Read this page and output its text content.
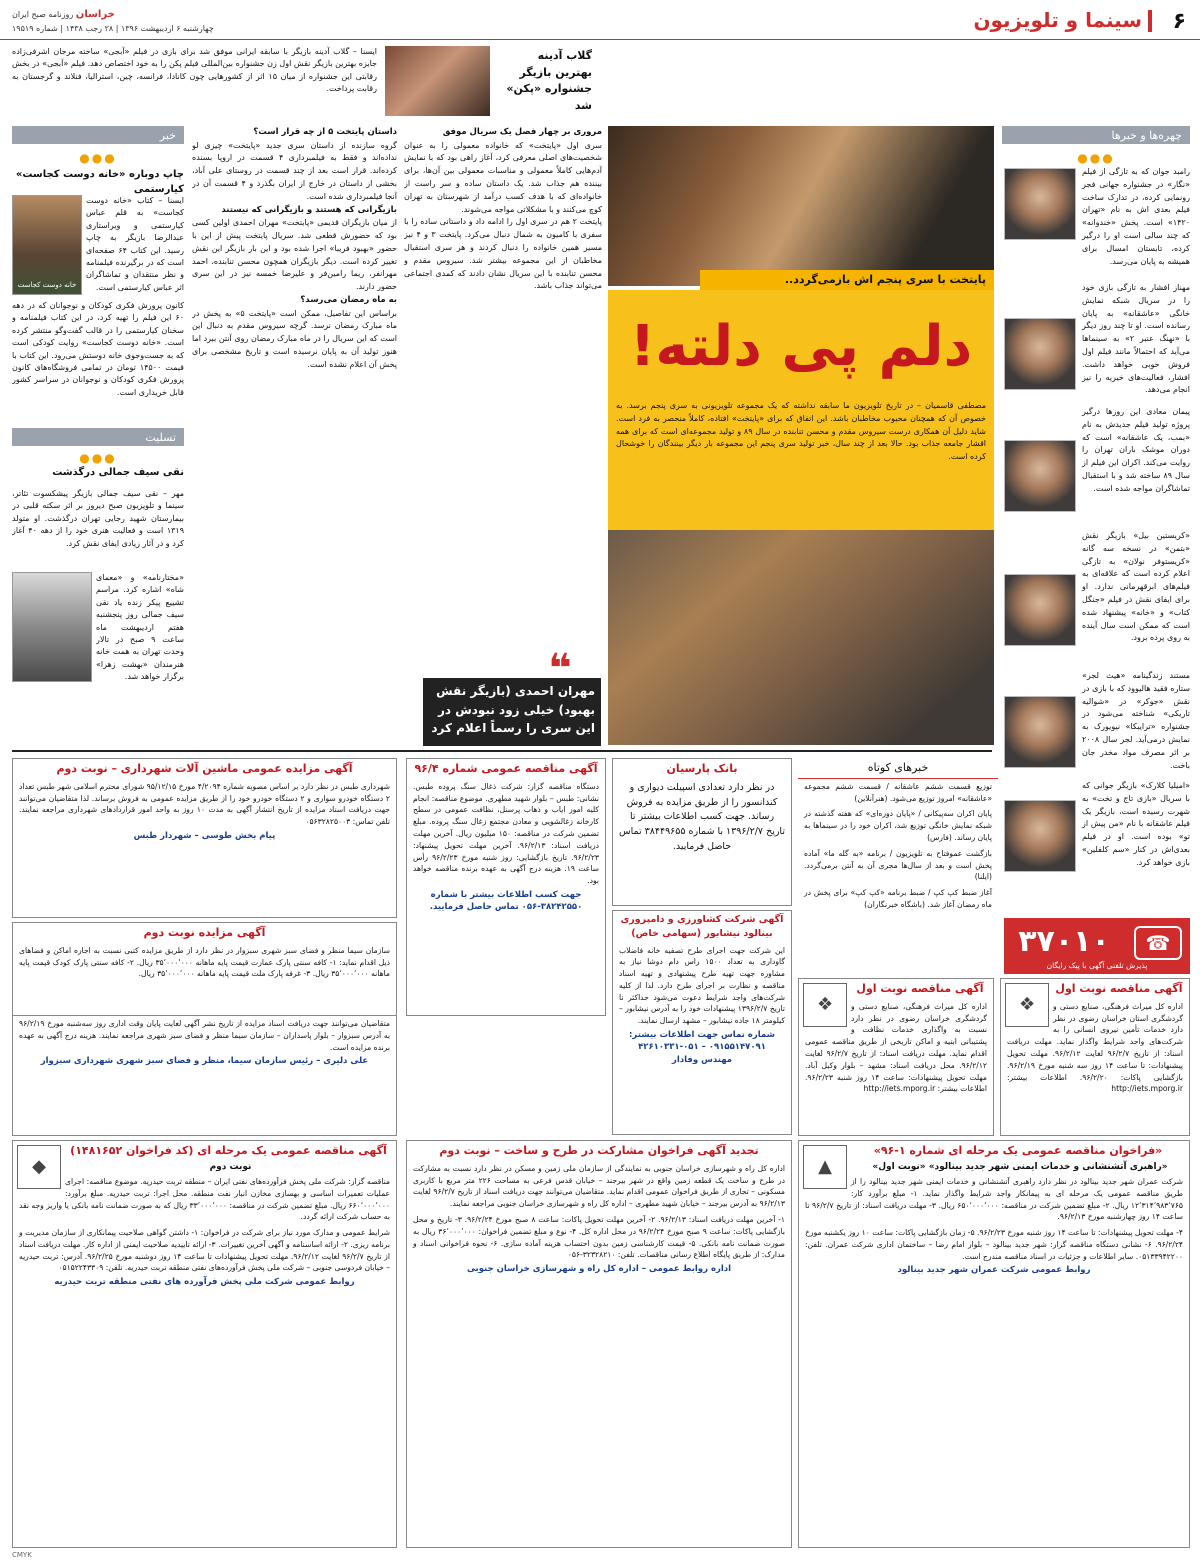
۶
سینما و تلویزیون
خراسان روزنامه صبح ایران
چهارشنبه ۶ اردیبهشت ۱۳۹۶ | ۲۸ رجب ۱۴۳۸ | شماره ۱۹۵۱۹
گلاب آدینه بهترین بازیگر
جشنواره «پکن» شد
ایسنا – گلاب آدینه بازیگر با سابقه ایرانی موفق شد برای بازی در فیلم «آبجی» ساخته مرجان اشرفی‌زاده جایزه بهترین بازیگر نقش اول زن جشنواره بین‌المللی فیلم پکن را به خود اختصاص دهد. فیلم «آبجی» در بخش رقابتی این جشنواره از میان ۱۵ اثر از کشورهایی چون کانادا، فرانسه، چین، استرالیا، فنلاند و گرجستان به رقابت پرداخت.
خبر
●●●
چاپ دوباره «خانه دوست کجاست» کیارستمی
خانه دوست کجاست
ایسنا – کتاب «خانه دوست کجاست» به قلم عباس کیارستمی و ویراستاری عبدالرضا بازیگر به چاپ رسید. این کتاب ۶۴ صفحه‌ای است که در برگیرنده فیلمنامه و نظر منتقدان و تماشاگران اثر عباس کیارستمی است.
کانون پرورش فکری کودکان و نوجوانان که در دهه ۶۰ این فیلم را تهیه کرد، در این کتاب فیلمنامه و سخنان کیارستمی را در قالب گفت‌وگو منتشر کرده است. «خانه دوست کجاست» روایت کودکی است که به جست‌وجوی خانه دوستش می‌رود. این کتاب با قیمت ۱۴۵۰۰ تومان در تمامی فروشگاه‌های کانون پرورش فکری کودکان و نوجوانان در سراسر کشور قابل خریداری است.
تسلیت
●●●
نقی سیف جمالی درگذشت
مهر – نقی سیف جمالی بازیگر پیشکسوت تئاتر، سینما و تلویزیون صبح دیروز بر اثر سکته قلبی در بیمارستان شهید رجایی تهران درگذشت. او متولد ۱۳۱۹ است و فعالیت هنری خود را از دهه ۴۰ آغاز کرد و در آثار زیادی ایفای نقش کرد.
«مختارنامه» و «معمای شاه» اشاره کرد. مراسم تشییع پیکر زنده یاد نقی سیف جمالی روز پنجشنبه هفتم اردیبهشت ماه ساعت ۹ صبح در تالار وحدت تهران به همت خانه هنرمندان «بهشت زهرا» برگزار خواهد شد.

داستان پایتخت ۵ از چه قرار است؟

گروه سازنده از داستان سری جدید «پایتخت» چیزی لو نداده‌اند و فقط به فیلمبرداری ۴ قسمت در اروپا بسنده کرده‌اند. قرار است بعد از چند قسمت در روستای علی آباد، بخشی از داستان در خارج از ایران بگذرد و ۴ قسمت آن در آنجا فیلمبرداری شده است.

بازیگرانی که هستند و بازیگرانی که نیستند

از میان بازیگران قدیمی «پایتخت» مهران احمدی اولین کسی بود که حضورش قطعی شد. سریال پایتخت پیش از این با حضور «بهبود فریبا» اجرا شده بود و این بار بازیگر این نقش تغییر کرده است. دیگر بازیگران همچون محسن تنابنده، احمد مهرانفر، ریما رامین‌فر و علیرضا خمسه نیز در این سری حضور دارند.

به ماه رمضان می‌رسد؟

براساس این تفاصیل، ممکن است «پایتخت ۵» به پخش در ماه مبارک رمضان نرسد. گرچه سیروس مقدم به دنبال این است که این سریال را در ماه مبارک رمضان روی آنتن ببرد اما هنوز تولید آن به پایان نرسیده است و تاریخ مشخصی برای پخش آن اعلام نشده است.

مروری بر چهار فصل یک سریال موفق

سری اول «پایتخت» که خانواده معمولی را به عنوان شخصیت‌های اصلی معرفی کرد، آغاز راهی بود که با نمایش آدم‌هایی کاملاً معمولی و مناسبات معمولی بین آن‌ها، برای بیننده هم جذاب شد. یک داستان ساده و سر راست از خانواده‌ای که با هدف کسب درآمد از شهرستان به تهران کوچ می‌کنند و با مشکلاتی مواجه می‌شوند.

پایتخت ۲ هم در سری اول را ادامه داد و داستانی ساده را با سفری با کامیون به شمال دنبال می‌کرد. پایتخت ۳ و ۴ نیز مسیر همین خانواده را دنبال کردند و هر سری استقبال مخاطبان از این مجموعه بیشتر شد. سیروس مقدم و محسن تنابنده با این سریال نشان دادند که کمدی اجتماعی می‌تواند جذاب باشد.

❝
مهران احمدی (بازیگر نقش بهبود) خیلی زود نبودش در این سری را رسماً اعلام کرد
پایتخت با سری پنجم اش بازمی‌گردد..
دلم پی دلته!
مصطفی قاسمیان – در تاریخ تلویزیون ما سابقه نداشته که یک مجموعه تلویزیونی به سری پنجم برسد. به خصوص آن که همچنان محبوب مخاطبان باشد. این اتفاق که برای «پایتخت» افتاده، کاملاً منحصر به فرد است. شاید دلیل آن همکاری درست سیروس مقدم و محسن تنابنده در سال ۸۹ و تولید مجموعه‌ای است که برای همه اقشار جامعه جذاب بود. حالا بعد از چند سال، خبر تولید سری پنجم این مجموعه بار دیگر بینندگان را خوشحال کرده است.
چهره‌ها و خبرها
●●●
رامبد جوان که به تازگی از فیلم «نگار» در جشنواره جهانی فجر رونمایی کرده، در تدارک ساخت فیلم بعدی اش به نام «تهران ۱۴۲۰» است. پخش «خندوانه» که چند سالی است او را درگیر کرده، تابستان امسال برای همیشه به پایان می‌رسد.
مهناز افشار به تازگی بازی خود را در سریال شبکه نمایش خانگی «عاشقانه» به پایان رسانده است. او تا چند روز دیگر با «نهنگ عنبر ۲» به سینماها می‌آید که احتمالاً مانند فیلم اول فروش خوبی خواهد داشت. افشار، فعالیت‌های خیریه را نیز انجام می‌دهد.
پیمان معادی این روزها درگیر پروژه تولید فیلم جدیدش به نام «بمب، یک عاشقانه» است که دوران موشک باران تهران را روایت می‌کند. اکران این فیلم از سال ۸۹ ساخته شد و با استقبال تماشاگران مواجه شده است.
«کریستین بیل» بازیگر نقش «بتمن» در نسخه سه گانه «کریستوفر نولان» به تازگی اعلام کرده است که علاقه‌ای به فیلم‌های ابرقهرمانی ندارد. او برای ایفای نقش در فیلم «جنگل کتاب» و «خانه» پیشنهاد شده است که ممکن است سال آینده به روی پرده برود.
مستند زندگینامه «هیث لجر» ستاره فقید هالیوود که با بازی در نقش «جوکر» در «شوالیه تاریکی» شناخته می‌شود در جشنواره «ترایبکا» نیویورک به نمایش درمی‌آید. لجر سال ۲۰۰۸ بر اثر مصرف مواد مخدر جان باخت.
«امیلیا کلارک» بازیگر جوانی که با سریال «بازی تاج و تخت» به شهرت رسیده است، بازیگر یک فیلم عاشقانه با نام «من پیش از تو» بوده است. او در فیلم بعدی‌اش در کنار «سم کلفلین» بازی خواهد کرد.
آگهی مزایده عمومی ماشین آلات شهرداری – نوبت دوم
شهرداری طبس در نظر دارد بر اساس مصوبه شماره ۴/۲۰۹۴ مورخ ۹۵/۱۲/۱۵ شورای محترم اسلامی شهر طبس تعداد ۲ دستگاه خودرو سواری و ۲ دستگاه خودرو خود را از طریق مزایده عمومی به فروش برساند. لذا متقاضیان می‌توانند جهت دریافت اسناد مزایده از تاریخ انتشار آگهی به مدت ۱۰ روز به واحد امور قراردادهای شهرداری مراجعه نمایند. تلفن تماس: ۰۵۶۳۲۸۲۵۰۰۳
پیام بخش طوسی – شهردار طبس
آگهی مزایده نوبت دوم
سازمان سیما منظر و فضای سبز شهری سبزوار در نظر دارد از طریق مزایده کتبی نسبت به اجاره اماکن و فضاهای ذیل اقدام نماید: ۱- کافه سنتی پارک عمارت قیمت پایه ماهانه ۳۵٬۰۰۰٬۰۰۰ ریال. ۲- کافه سنتی پارک کودک قیمت پایه ماهانه ۳۵٬۰۰۰٬۰۰۰ ریال. ۳- غرفه پارک ملت قیمت پایه ماهانه ۳۵٬۰۰۰٬۰۰۰ ریال.
متقاضیان می‌توانند جهت دریافت اسناد مزایده از تاریخ نشر آگهی لغایت پایان وقت اداری روز سه‌شنبه مورخ ۹۶/۲/۱۹ به آدرس سبزوار – بلوار پاسداران – سازمان سیما منظر و فضای سبز شهری مراجعه نمایند. هزینه درج آگهی به عهده برنده مزایده است.
علی دلیری – رئیس سازمان سیما، منظر و فضای سبز شهری شهرداری سبزوار
◆
آگهی مناقصه عمومی یک مرحله ای (کد فراخوان ۱۴۸۱۶۵۲)
نوبت دوم
مناقصه گزار: شرکت ملی پخش فرآورده‌های نفتی ایران – منطقه تربت حیدریه. موضوع مناقصه: اجرای عملیات تعمیرات اساسی و بهسازی مخازن انبار نفت منطقه. محل اجرا: تربت حیدریه. مبلغ برآورد: ۶۶۰٬۰۰۰٬۰۰۰ ریال. مبلغ تضمین شرکت در مناقصه: ۳۳٬۰۰۰٬۰۰۰ ریال که به صورت ضمانت نامه بانکی یا واریز وجه نقد به حساب شرکت ارائه گردد.
شرایط عمومی و مدارک مورد نیاز برای شرکت در فراخوان: ۱- داشتن گواهی صلاحیت پیمانکاری از سازمان مدیریت و برنامه ریزی. ۲- ارائه اساسنامه و آگهی آخرین تغییرات. ۳- ارائه تاییدیه صلاحیت ایمنی از اداره کار. مهلت دریافت اسناد از تاریخ ۹۶/۲/۷ لغایت ۹۶/۲/۱۲. مهلت تحویل پیشنهادات تا ساعت ۱۴ روز دوشنبه مورخ ۹۶/۲/۲۵. آدرس: تربت حیدریه – خیابان فردوسی جنوبی – شرکت ملی پخش فرآورده‌های نفتی منطقه تربت حیدریه. تلفن: ۰۵۱۵۲۲۴۳۳۰۹
روابط عمومی شرکت ملی پخش فرآورده های نفتی منطقه تربت حیدریه
آگهی مناقصه عمومی شماره ۹۶/۴
دستگاه مناقصه گزار: شرکت ذغال سنگ پروده طبس. نشانی: طبس – بلوار شهید مطهری. موضوع مناقصه: انجام کلیه امور ایاب و ذهاب پرسنل، نظافت عمومی در سطح کارخانه زغالشویی و معادن مجتمع زغال سنگ پروده. مبلغ تضمین شرکت در مناقصه: ۱۵۰ میلیون ریال. آخرین مهلت دریافت اسناد: ۹۶/۲/۱۳. آخرین مهلت تحویل پیشنهاد: ۹۶/۲/۲۳. تاریخ بازگشایی: روز شنبه مورخ ۹۶/۲/۲۳ رأس ساعت ۱۹. هزینه درج آگهی به عهده برنده مناقصه خواهد بود.
جهت کسب اطلاعات بیشتر با شماره ۳۸۲۴۲۵۵۰-۰۵۶ تماس حاصل فرمایید.
بانک پارسیان
در نظر دارد تعدادی اسپیلت دیواری و کندانسور را از طریق مزایده به فروش رساند. جهت کسب اطلاعات بیشتر تا تاریخ ۱۳۹۶/۲/۷ با شماره ۳۸۴۴۹۶۵۵ تماس حاصل فرمایید.
آگهی شرکت کشاورزی و دامپروری بینالود نیشابور (سهامی خاص)
این شرکت جهت اجرای طرح تصفیه خانه فاضلاب گاوداری به تعداد ۱۵۰۰ راس دام دوشا نیاز به مشاوره جهت تهیه طرح پیشنهادی و تهیه اسناد مناقصه و نظارت بر اجرای طرح دارد. لذا از کلیه شرکت‌های واجد شرایط دعوت می‌شود حداکثر تا تاریخ ۱۳۹۶/۲/۷ پیشنهادات خود را به آدرس نیشابور – کیلومتر ۱۸ جاده نیشابور – مشهد ارسال نمایند.
شماره تماس جهت اطلاعات بیشتر: ۰۹۱۵۵۱۴۷۰۹۱ – ۰۵۱-۴۲۶۱۰۳۳۱
مهندس وفادار
تجدید آگهی فراخوان مشارکت در طرح و ساخت – نوبت دوم
اداره کل راه و شهرسازی خراسان جنوبی به نمایندگی از سازمان ملی زمین و مسکن در نظر دارد نسبت به مشارکت در طرح و ساخت یک قطعه زمین واقع در شهر بیرجند – خیابان قدس فرعی به مساحت ۲۲۶ متر مربع با کاربری مسکونی – تجاری از طریق فراخوان عمومی اقدام نماید. متقاضیان می‌توانند جهت دریافت اسناد از تاریخ ۹۶/۲/۷ لغایت ۹۶/۲/۱۳ به آدرس بیرجند – خیابان شهید مطهری – اداره کل راه و شهرسازی خراسان جنوبی مراجعه نمایند.
۱- آخرین مهلت دریافت اسناد: ۹۶/۲/۱۳. ۲- آخرین مهلت تحویل پاکات: ساعت ۸ صبح مورخ ۹۶/۲/۲۴. ۳- تاریخ و محل بازگشایی پاکات: ساعت ۹ صبح مورخ ۹۶/۲/۲۴ در محل اداره کل. ۴- نوع و مبلغ تضمین فراخوان: ۳۶٬۰۰۰٬۰۰۰ ریال به صورت ضمانت نامه بانکی. ۵- قیمت کارشناسی زمین بدون احتساب هزینه آماده سازی. ۶- نحوه فراخوانی اسناد و مدارک: از طریق پایگاه اطلاع رسانی مناقصات. تلفن: ۳۲۳۲۸۲۱۰-۰۵۶
اداره روابط عمومی – اداره کل راه و شهرسازی خراسان جنوبی
▲
«فراخوان مناقصه عمومی یک مرحله ای شماره ۱-۹۶»
«راهبری آتشنشانی و خدمات ایمنی شهر جدید بینالود» «نوبت اول»
شرکت عمران شهر جدید بینالود در نظر دارد راهبری آتشنشانی و خدمات ایمنی شهر جدید بینالود را از طریق مناقصه عمومی یک مرحله ای به پیمانکار واجد شرایط واگذار نماید. ۱- مبلغ برآورد کار: ۱۲٬۳۱۴٬۹۸۳٬۷۶۵ ریال. ۲- مبلغ تضمین شرکت در مناقصه: ۶۵۰٬۰۰۰٬۰۰۰ ریال. ۳- مهلت دریافت اسناد: از تاریخ ۹۶/۲/۷ تا ساعت ۱۴ روز چهارشنبه مورخ ۹۶/۲/۱۳.
۴- مهلت تحویل پیشنهادات: تا ساعت ۱۴ روز شنبه مورخ ۹۶/۲/۲۳. ۵- زمان بازگشایی پاکات: ساعت ۱۰ روز یکشنبه مورخ ۹۶/۲/۲۴. ۶- نشانی دستگاه مناقصه گزار: شهر جدید بینالود – بلوار امام رضا – ساختمان اداری شرکت عمران. تلفن: ۰۵۱۳۳۹۴۲۲۰۰. سایر اطلاعات و جزئیات در اسناد مناقصه مندرج است.
روابط عمومی شرکت عمران شهر جدید بینالود
خبرهای کوتاه
توزیع قسمت ششم عاشقانه / قسمت ششم مجموعه «عاشقانه» امروز توزیع می‌شود. (هنرآنلاین)
پایان اکران سه‌پیکانی / «پایان دوره‌ای» که هفته گذشته در شبکه نمایش خانگی توزیع شد، اکران خود را در سینماها به پایان رساند. (فارس)
بازگشت عموفتاح به تلویزیون / برنامه «به گله ما» آماده پخش است و بعد از سال‌ها مجری آن به آنتن برمی‌گردد. (ایلنا)
آغاز ضبط کپ کپ / ضبط برنامه «کپ کپ» برای پخش در ماه رمضان آغاز شد. (باشگاه خبرنگاران)
☎
۳۷۰۱۰
پذیرش تلفنی آگهی با پیک رایگان
❖
آگهی مناقصه نوبت اول
اداره کل میراث فرهنگی، صنایع دستی و گردشگری خراسان رضوی در نظر دارد نسبت به واگذاری خدمات نظافت و پشتیبانی ابنیه و اماکن تاریخی از طریق مناقصه عمومی اقدام نماید. مهلت دریافت اسناد: از تاریخ ۹۶/۲/۷ لغایت ۹۶/۲/۱۲. محل دریافت اسناد: مشهد – بلوار وکیل آباد. مهلت تحویل پیشنهادات: ساعت ۱۴ روز شنبه ۹۶/۲/۲۳. اطلاعات بیشتر: http://iets.mporg.ir
❖
آگهی مناقصه نوبت اول
اداره کل میراث فرهنگی، صنایع دستی و گردشگری استان خراسان رضوی در نظر دارد خدمات تأمین نیروی انسانی را به شرکت‌های واجد شرایط واگذار نماید. مهلت دریافت اسناد: از تاریخ ۹۶/۲/۷ لغایت ۹۶/۲/۱۲. مهلت تحویل پیشنهادات: تا ساعت ۱۴ روز سه شنبه مورخ ۹۶/۲/۱۹. بازگشایی پاکات: ۹۶/۲/۲۰. اطلاعات بیشتر: http://iets.mporg.ir
CMYK
